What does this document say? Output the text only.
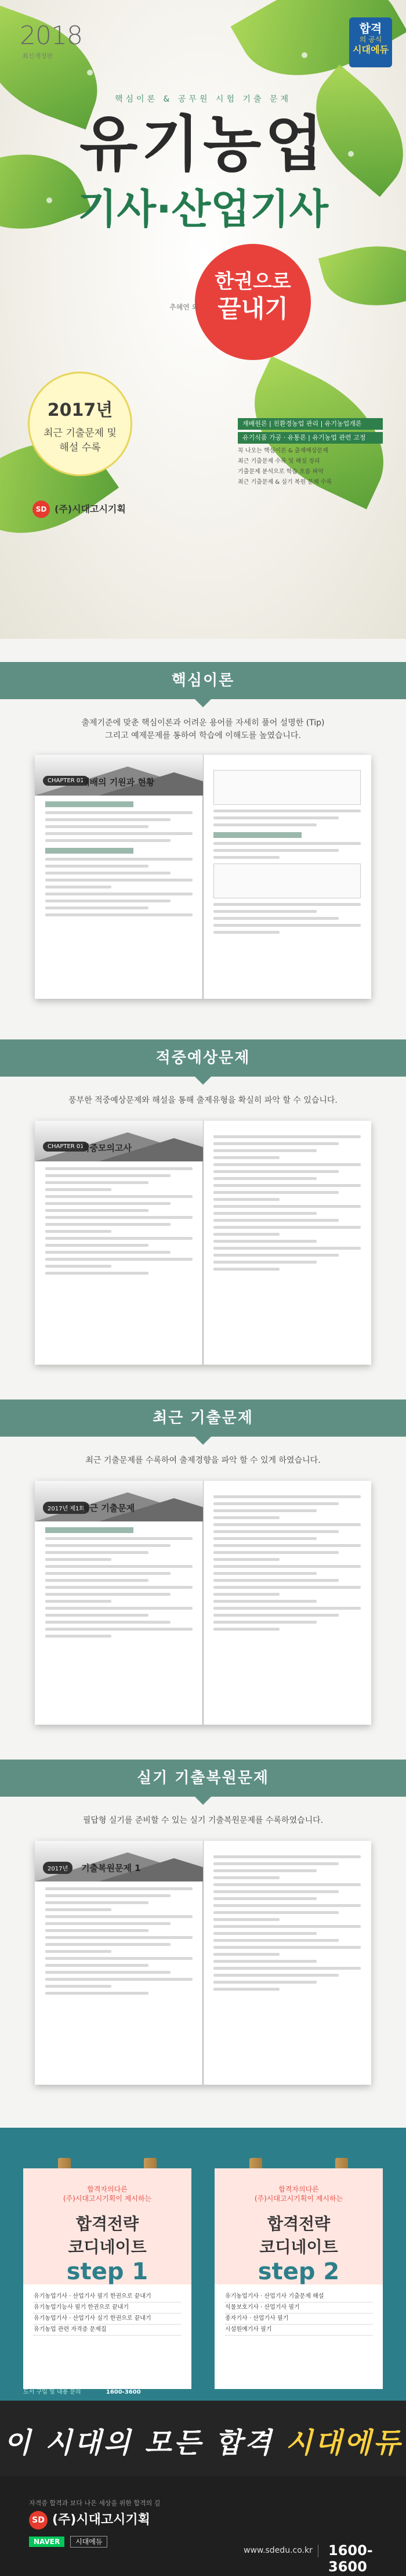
2018
최신개정판
합격
의 공식
시대에듀
핵심이론 & 공무원 시험 기출 문제
유기농업
기사·산업기사
한권으로
끝내기
추혜연 외
2017년
최근 기출문제 및
해설 수록
재배원론 | 친환경농업 관리 | 유기농업개론
유기식품 가공 · 유통론 | 유기농업 관련 고정
꼭 나오는 핵심이론 & 출제예상문제
최근 기출문제 수록 및 해설 정리
기출문제 분석으로 학습 흐름 파악
최근 기출문제 & 실기 복원 문제 수록
SD (주)시대고시기획
핵심이론
출제기준에 맞춘 핵심이론과 어려운 용어를 자세히 풀어 설명한 (Tip)
그리고 예제문제를 통하여 학습에 이해도를 높였습니다.
CHAPTER 01
재배의 기원과 현황
적중예상문제
풍부한 적중예상문제와 해설을 통해 출제유형을 확실히 파악 할 수 있습니다.
CHAPTER 01
적중모의고사
최근 기출문제
최근 기출문제를 수록하여 출제경향을 파악 할 수 있게 하였습니다.
2017년 제1회
최근 기출문제
실기 기출복원문제
필답형 실기를 준비할 수 있는 실기 기출복원문제를 수록하였습니다.
2017년	기출복원문제 1
합격자의다른
(주)시대고시기획이 제시하는
합격전략
코디네이트
step 1
유기농업기사 · 산업기사 필기 한권으로 끝내기
유기농업기능사 필기 한권으로 끝내기
유기농업기사 · 산업기사 실기 한권으로 끝내기
유기농업 관련 자격증 문제집
합격자의다른
(주)시대고시기획이 제시하는
합격전략
코디네이트
step 2
유기농업기사 · 산업기사 기출문제 해설
식물보호기사 · 산업기사 필기
종자기사 · 산업기사 필기
시설원예기사 필기
도서 구입 및 내용 문의	1600-3600
이 시대의 모든 합격 시대에듀
자격증 합격과 보다 나은 세상을 위한 합격의 길
SD (주)시대고시기획
NAVER 시대에듀
www.sdedu.co.kr 1600-3600
